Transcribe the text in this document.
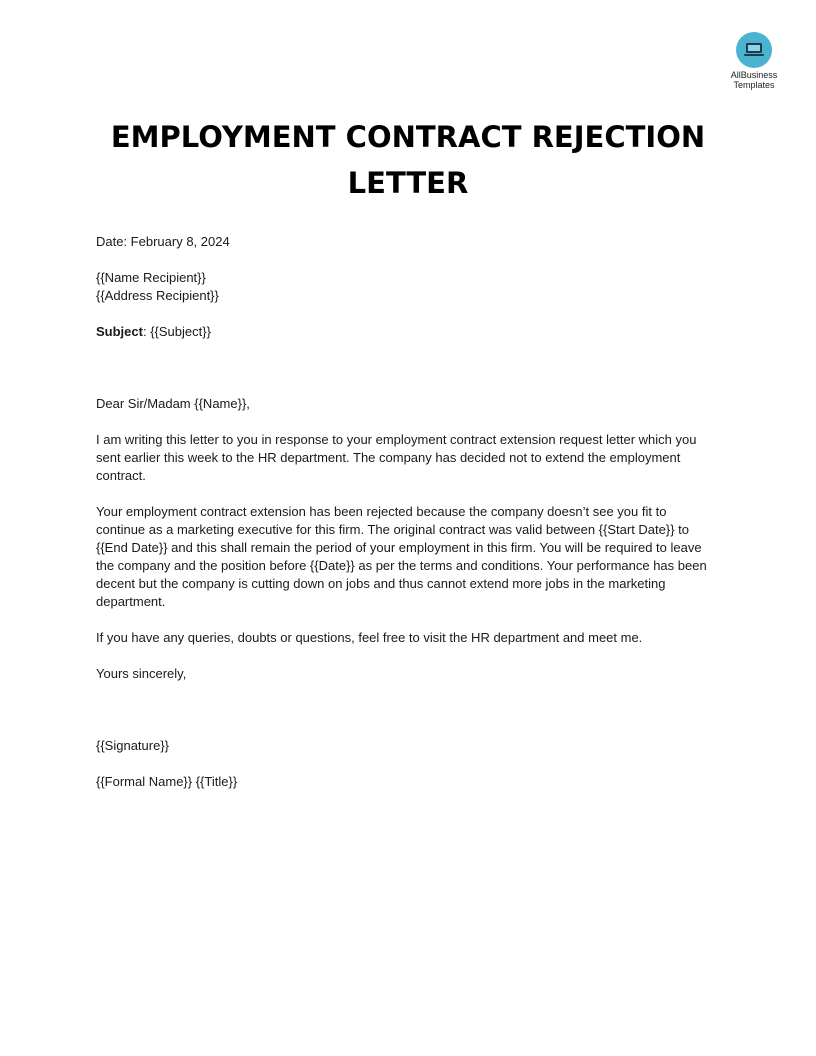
AllBusiness
Templates
EMPLOYMENT CONTRACT REJECTION
LETTER

Date: February 8, 2024

{{Name Recipient}}

{{Address Recipient}}

Subject: {{Subject}}

Dear Sir/Madam {{Name}},

I am writing this letter to you in response to your employment contract extension request letter which you sent earlier this week to the HR department. The company has decided not to extend the employment contract.

Your employment contract extension has been rejected because the company doesn’t see you fit to continue as a marketing executive for this firm. The original contract was valid between {{Start Date}} to {{End Date}} and this shall remain the period of your employment in this firm. You will be required to leave the company and the position before {{Date}} as per the terms and conditions. Your performance has been decent but the company is cutting down on jobs and thus cannot extend more jobs in the marketing department.

If you have any queries, doubts or questions, feel free to visit the HR department and meet me.

Yours sincerely,

{{Signature}}

{{Formal Name}} {{Title}}
